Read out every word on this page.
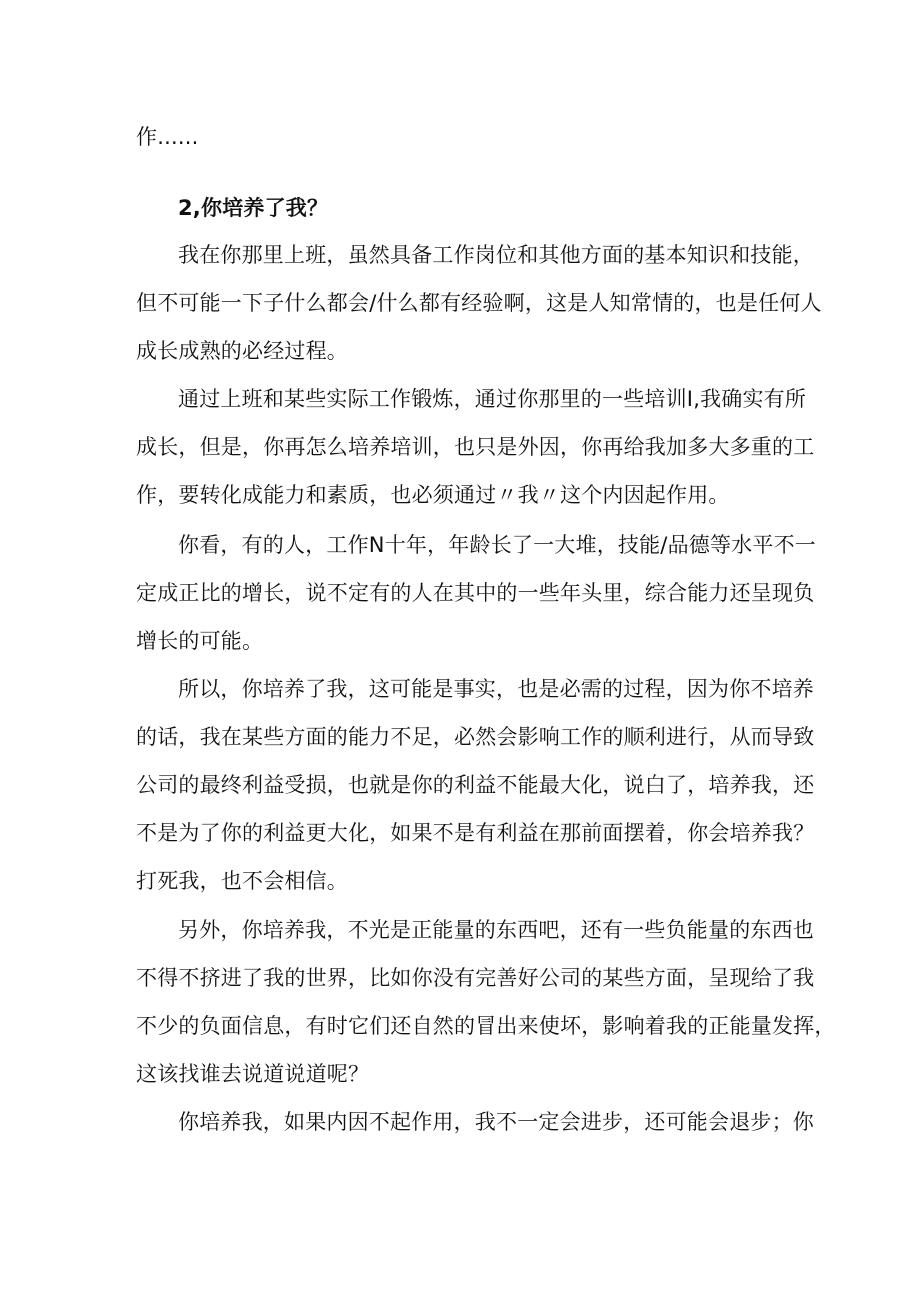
作......
2,你培养了我？
我在你那里上班，虽然具备工作岗位和其他方面的基本知识和技能，
但不可能一下子什么都会/什么都有经验啊，这是人知常情的，也是任何人
成长成熟的必经过程。
通过上班和某些实际工作锻炼，通过你那里的一些培训Ⅰ,我确实有所
成长，但是，你再怎么培养培训，也只是外因，你再给我加多大多重的工
作，要转化成能力和素质，也必须通过〃我〃这个内因起作用。
你看，有的人，工作N十年，年龄长了一大堆，技能/品德等水平不一
定成正比的增长，说不定有的人在其中的一些年头里，综合能力还呈现负
增长的可能。
所以，你培养了我，这可能是事实，也是必需的过程，因为你不培养
的话，我在某些方面的能力不足，必然会影响工作的顺利进行，从而导致
公司的最终利益受损，也就是你的利益不能最大化，说白了，培养我，还
不是为了你的利益更大化，如果不是有利益在那前面摆着，你会培养我？
打死我，也不会相信。
另外，你培养我，不光是正能量的东西吧，还有一些负能量的东西也
不得不挤进了我的世界，比如你没有完善好公司的某些方面，呈现给了我
不少的负面信息，有时它们还自然的冒出来使坏，影响着我的正能量发挥，
这该找谁去说道说道呢？
你培养我，如果内因不起作用，我不一定会进步，还可能会退步；你
